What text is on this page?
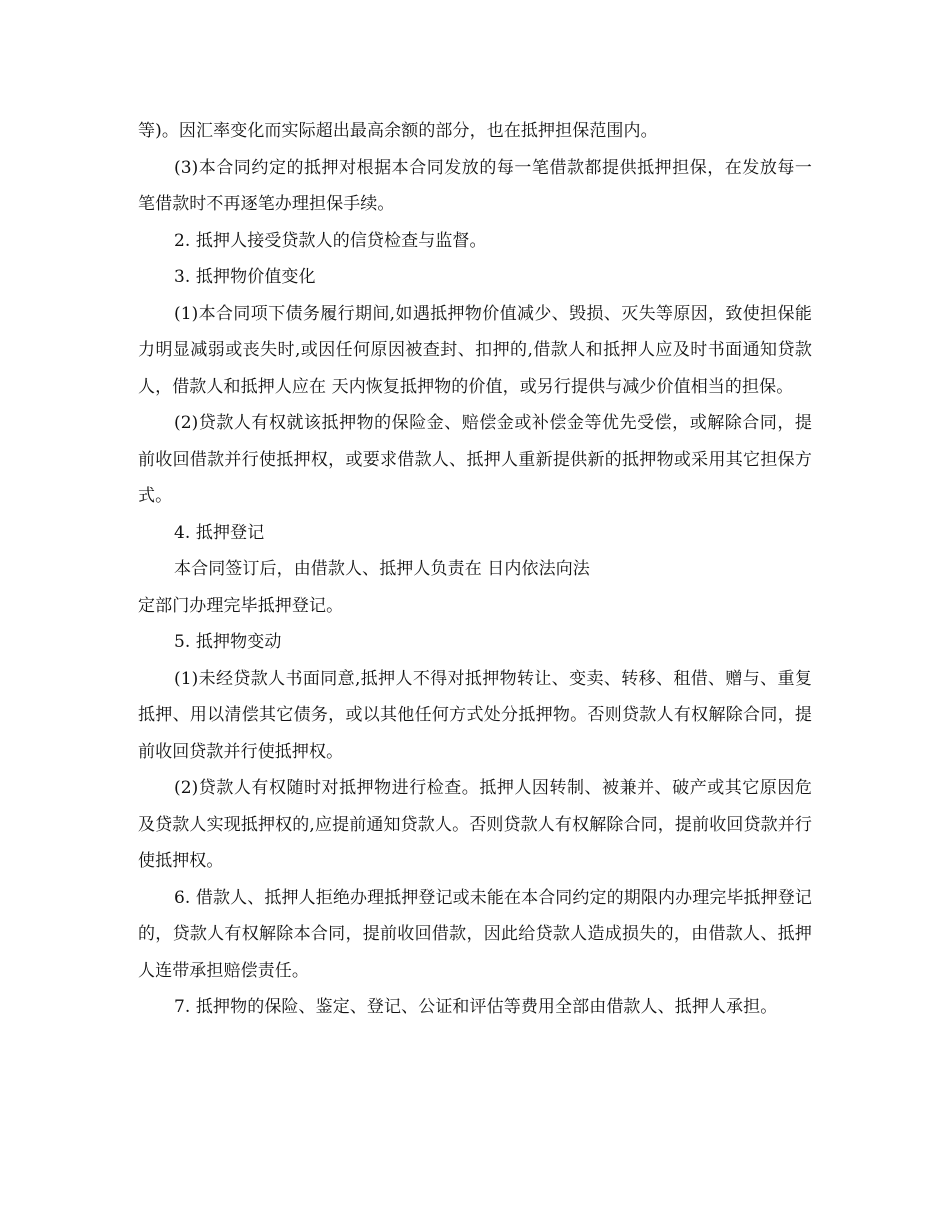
等)。因汇率变化而实际超出最高余额的部分，也在抵押担保范围内。

(3)本合同约定的抵押对根据本合同发放的每一笔借款都提供抵押担保，在发放每一笔借款时不再逐笔办理担保手续。

2. 抵押人接受贷款人的信贷检查与监督。

3. 抵押物价值变化

(1)本合同项下债务履行期间,如遇抵押物价值减少、毁损、灭失等原因，致使担保能力明显减弱或丧失时,或因任何原因被查封、扣押的,借款人和抵押人应及时书面通知贷款人，借款人和抵押人应在 天内恢复抵押物的价值，或另行提供与减少价值相当的担保。

(2)贷款人有权就该抵押物的保险金、赔偿金或补偿金等优先受偿，或解除合同，提前收回借款并行使抵押权，或要求借款人、抵押人重新提供新的抵押物或采用其它担保方式。

4. 抵押登记

本合同签订后，由借款人、抵押人负责在 日内依法向法

定部门办理完毕抵押登记。

5. 抵押物变动

(1)未经贷款人书面同意,抵押人不得对抵押物转让、变卖、转移、租借、赠与、重复抵押、用以清偿其它债务，或以其他任何方式处分抵押物。否则贷款人有权解除合同，提前收回贷款并行使抵押权。

(2)贷款人有权随时对抵押物进行检查。抵押人因转制、被兼并、破产或其它原因危及贷款人实现抵押权的,应提前通知贷款人。否则贷款人有权解除合同，提前收回贷款并行使抵押权。

6. 借款人、抵押人拒绝办理抵押登记或未能在本合同约定的期限内办理完毕抵押登记的，贷款人有权解除本合同，提前收回借款，因此给贷款人造成损失的，由借款人、抵押人连带承担赔偿责任。

7. 抵押物的保险、鉴定、登记、公证和评估等费用全部由借款人、抵押人承担。
